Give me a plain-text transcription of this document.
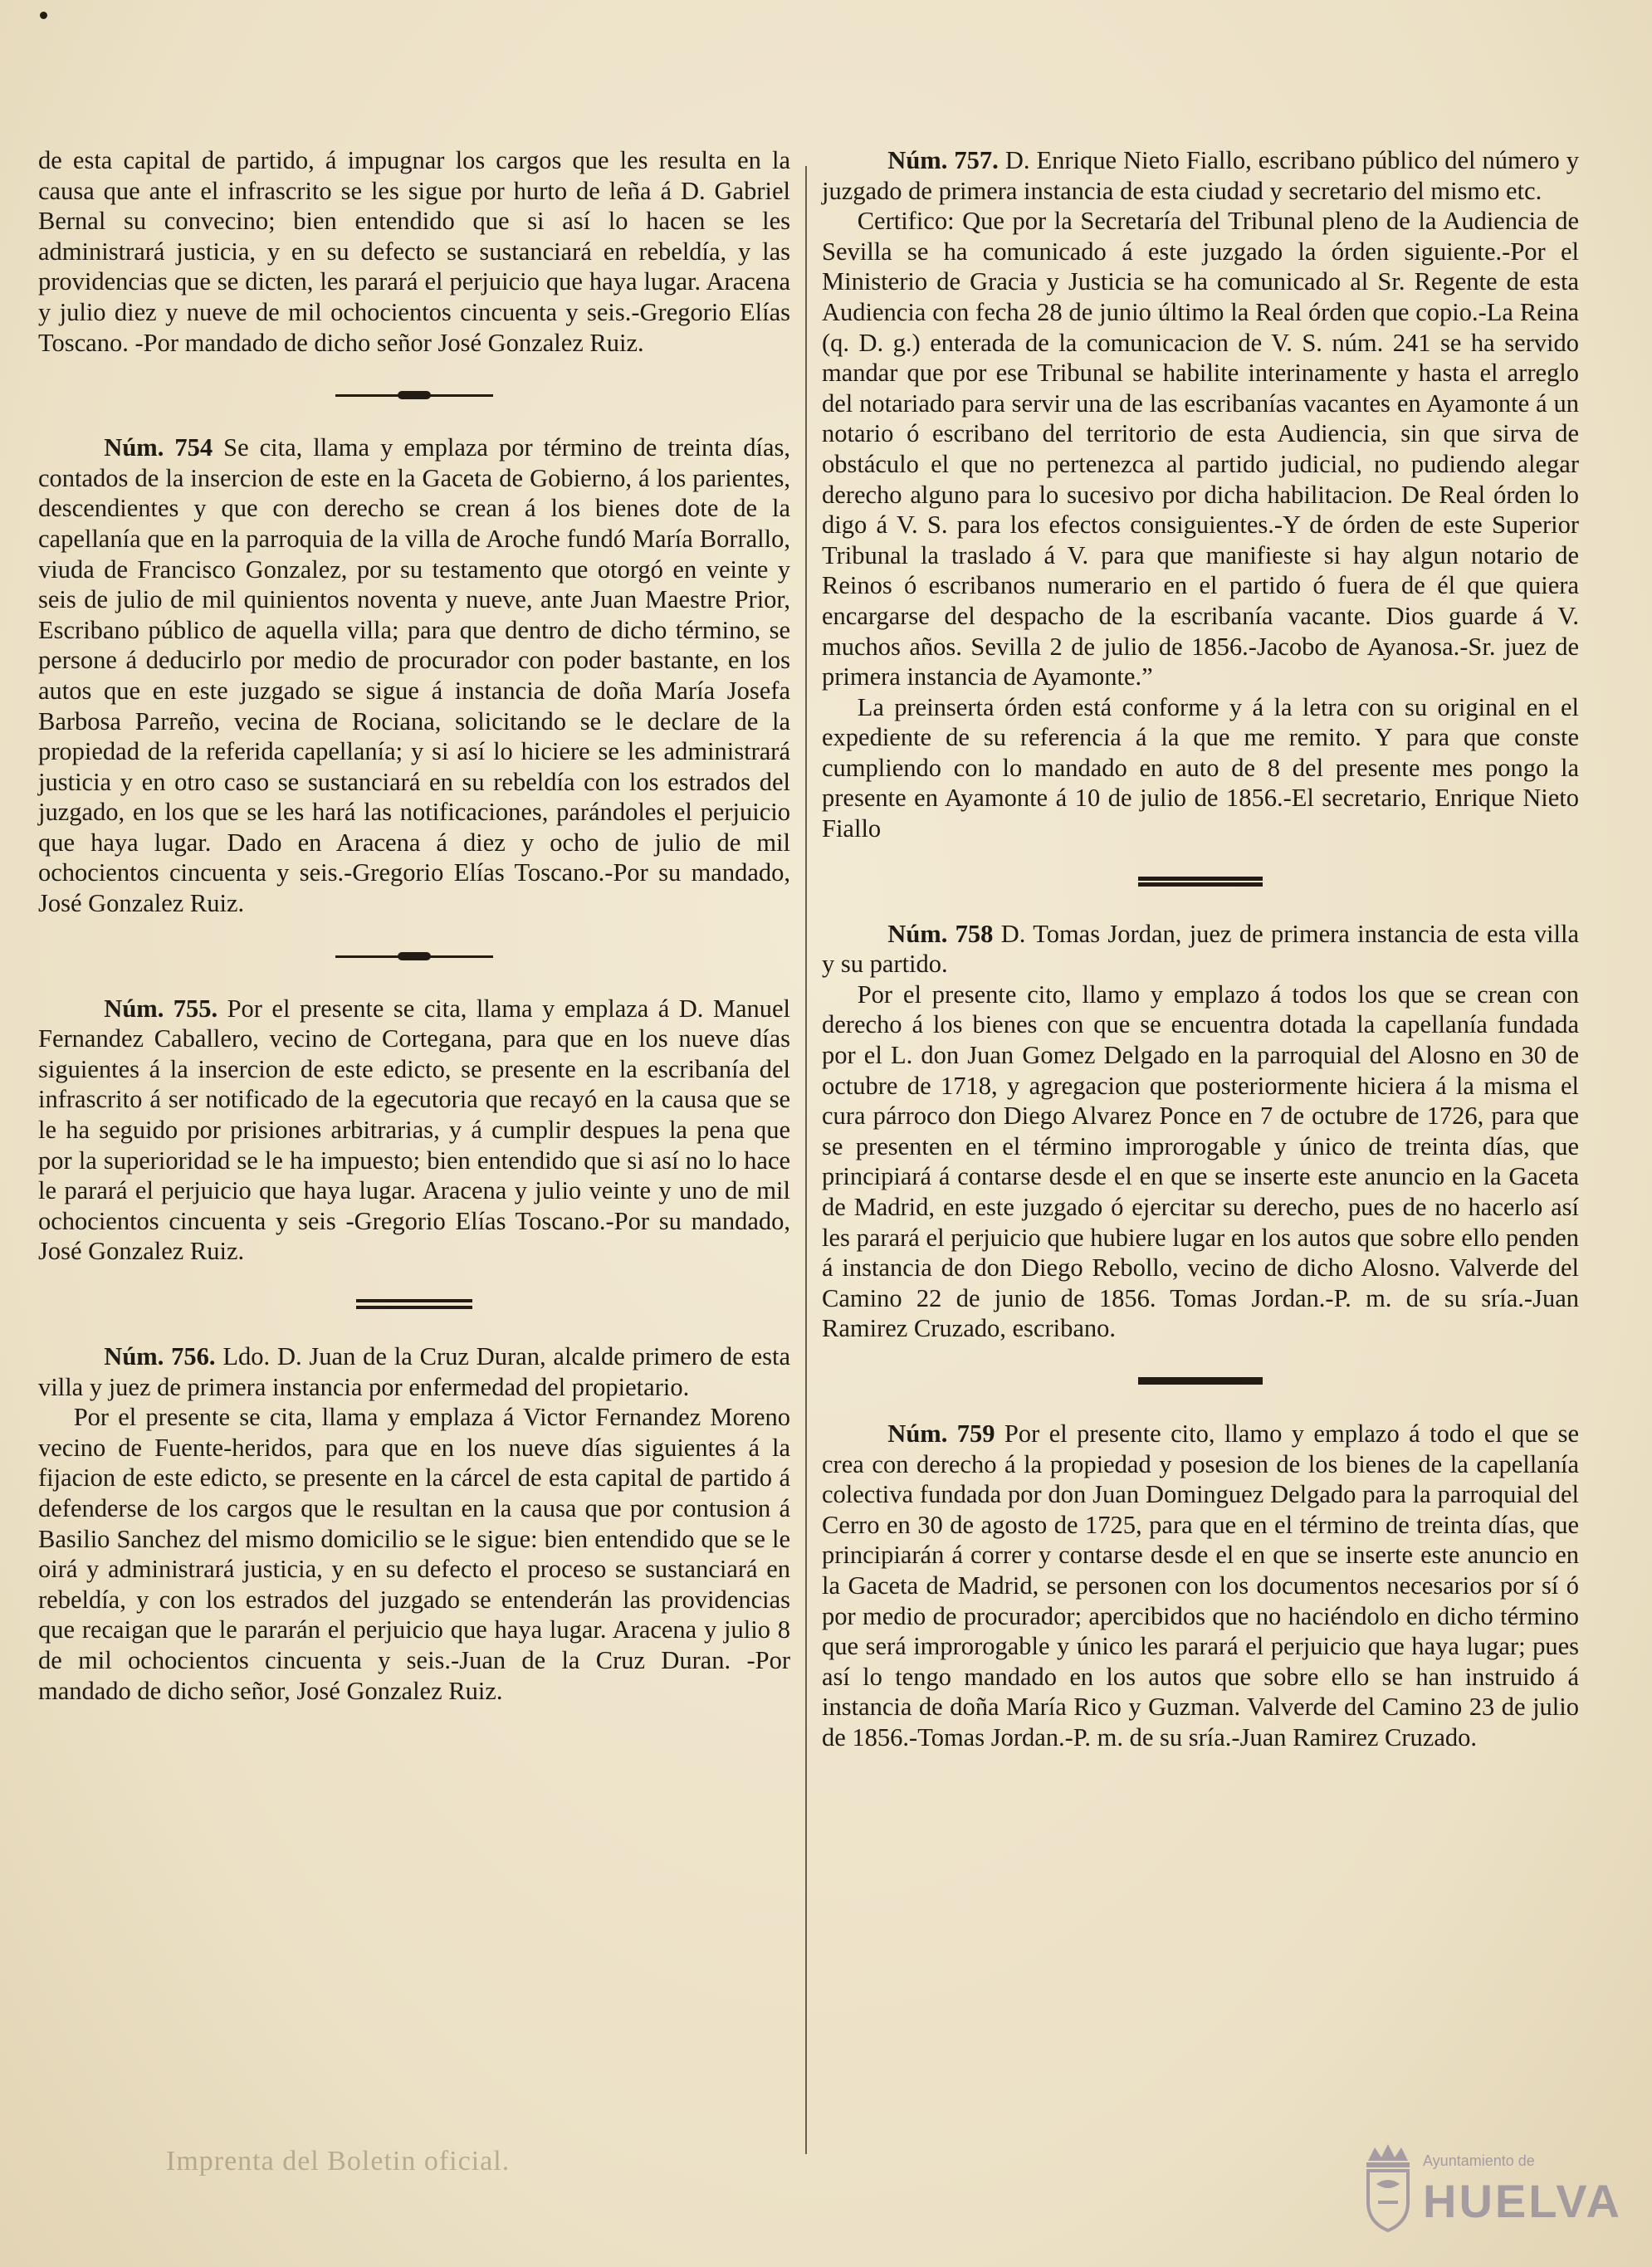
de esta capital de partido, á impugnar los cargos que les resulta en la causa que ante el infrascrito se les sigue por hurto de leña á D. Gabriel Bernal su convecino; bien entendido que si así lo hacen se les administrará justicia, y en su defecto se sustanciará en rebeldía, y las providencias que se dicten, les parará el perjuicio que haya lugar. Aracena y julio diez y nueve de mil ochocientos cincuenta y seis.-Gregorio Elías Toscano. -Por mandado de dicho señor José Gonzalez Ruiz.

Núm. 754 Se cita, llama y emplaza por término de treinta días, contados de la insercion de este en la Gaceta de Gobierno, á los parientes, descendientes y que con derecho se crean á los bienes dote de la capellanía que en la parroquia de la villa de Aroche fundó María Borrallo, viuda de Francisco Gonzalez, por su testamento que otorgó en veinte y seis de julio de mil quinientos noventa y nueve, ante Juan Maestre Prior, Escribano público de aquella villa; para que dentro de dicho término, se persone á deducirlo por medio de procurador con poder bastante, en los autos que en este juzgado se sigue á instancia de doña María Josefa Barbosa Parreño, vecina de Rociana, solicitando se le declare de la propiedad de la referida capellanía; y si así lo hiciere se les administrará justicia y en otro caso se sustanciará en su rebeldía con los estrados del juzgado, en los que se les hará las notificaciones, parándoles el perjuicio que haya lugar. Dado en Aracena á diez y ocho de julio de mil ochocientos cincuenta y seis.-Gregorio Elías Toscano.-Por su mandado, José Gonzalez Ruiz.

Núm. 755. Por el presente se cita, llama y emplaza á D. Manuel Fernandez Caballero, vecino de Cortegana, para que en los nueve días siguientes á la insercion de este edicto, se presente en la escribanía del infrascrito á ser notificado de la egecutoria que recayó en la causa que se le ha seguido por prisiones arbitrarias, y á cumplir despues la pena que por la superioridad se le ha impuesto; bien entendido que si así no lo hace le parará el perjuicio que haya lugar. Aracena y julio veinte y uno de mil ochocientos cincuenta y seis -Gregorio Elías Toscano.-Por su mandado, José Gonzalez Ruiz.

Núm. 756. Ldo. D. Juan de la Cruz Duran, alcalde primero de esta villa y juez de primera instancia por enfermedad del propietario.

Por el presente se cita, llama y emplaza á Victor Fernandez Moreno vecino de Fuente-heridos, para que en los nueve días siguientes á la fijacion de este edicto, se presente en la cárcel de esta capital de partido á defenderse de los cargos que le resultan en la causa que por contusion á Basilio Sanchez del mismo domicilio se le sigue: bien entendido que se le oirá y administrará justicia, y en su defecto el proceso se sustanciará en rebeldía, y con los estrados del juzgado se entenderán las providencias que recaigan que le pararán el perjuicio que haya lugar. Aracena y julio 8 de mil ochocientos cincuenta y seis.-Juan de la Cruz Duran. -Por mandado de dicho señor, José Gonzalez Ruiz.

Núm. 757. D. Enrique Nieto Fiallo, escribano público del número y juzgado de primera instancia de esta ciudad y secretario del mismo etc.

Certifico: Que por la Secretaría del Tribunal pleno de la Audiencia de Sevilla se ha comunicado á este juzgado la órden siguiente.-Por el Ministerio de Gracia y Justicia se ha comunicado al Sr. Regente de esta Audiencia con fecha 28 de junio último la Real órden que copio.-La Reina (q. D. g.) enterada de la comunicacion de V. S. núm. 241 se ha servido mandar que por ese Tribunal se habilite interinamente y hasta el arreglo del notariado para servir una de las escribanías vacantes en Ayamonte á un notario ó escribano del territorio de esta Audiencia, sin que sirva de obstáculo el que no pertenezca al partido judicial, no pudiendo alegar derecho alguno para lo sucesivo por dicha habilitacion. De Real órden lo digo á V. S. para los efectos consiguientes.-Y de órden de este Superior Tribunal la traslado á V. para que manifieste si hay algun notario de Reinos ó escribanos numerario en el partido ó fuera de él que quiera encargarse del despacho de la escribanía vacante. Dios guarde á V. muchos años. Sevilla 2 de julio de 1856.-Jacobo de Ayanosa.-Sr. juez de primera instancia de Ayamonte.”

La preinserta órden está conforme y á la letra con su original en el expediente de su referencia á la que me remito. Y para que conste cumpliendo con lo mandado en auto de 8 del presente mes pongo la presente en Ayamonte á 10 de julio de 1856.-El secretario, Enrique Nieto Fiallo

Núm. 758 D. Tomas Jordan, juez de primera instancia de esta villa y su partido.

Por el presente cito, llamo y emplazo á todos los que se crean con derecho á los bienes con que se encuentra dotada la capellanía fundada por el L. don Juan Gomez Delgado en la parroquial del Alosno en 30 de octubre de 1718, y agregacion que posteriormente hiciera á la misma el cura párroco don Diego Alvarez Ponce en 7 de octubre de 1726, para que se presenten en el término improrogable y único de treinta días, que principiará á contarse desde el en que se inserte este anuncio en la Gaceta de Madrid, en este juzgado ó ejercitar su derecho, pues de no hacerlo así les parará el perjuicio que hubiere lugar en los autos que sobre ello penden á instancia de don Diego Rebollo, vecino de dicho Alosno. Valverde del Camino 22 de junio de 1856. Tomas Jordan.-P. m. de su sría.-Juan Ramirez Cruzado, escribano.

Núm. 759 Por el presente cito, llamo y emplazo á todo el que se crea con derecho á la propiedad y posesion de los bienes de la capellanía colectiva fundada por don Juan Dominguez Delgado para la parroquial del Cerro en 30 de agosto de 1725, para que en el término de treinta días, que principiarán á correr y contarse desde el en que se inserte este anuncio en la Gaceta de Madrid, se personen con los documentos necesarios por sí ó por medio de procurador; apercibidos que no haciéndolo en dicho término que será improrogable y único les parará el perjuicio que haya lugar; pues así lo tengo mandado en los autos que sobre ello se han instruido á instancia de doña María Rico y Guzman. Valverde del Camino 23 de julio de 1856.-Tomas Jordan.-P. m. de su sría.-Juan Ramirez Cruzado.

Imprenta del Boletin oficial.	Ayuntamiento de
HUELVA
